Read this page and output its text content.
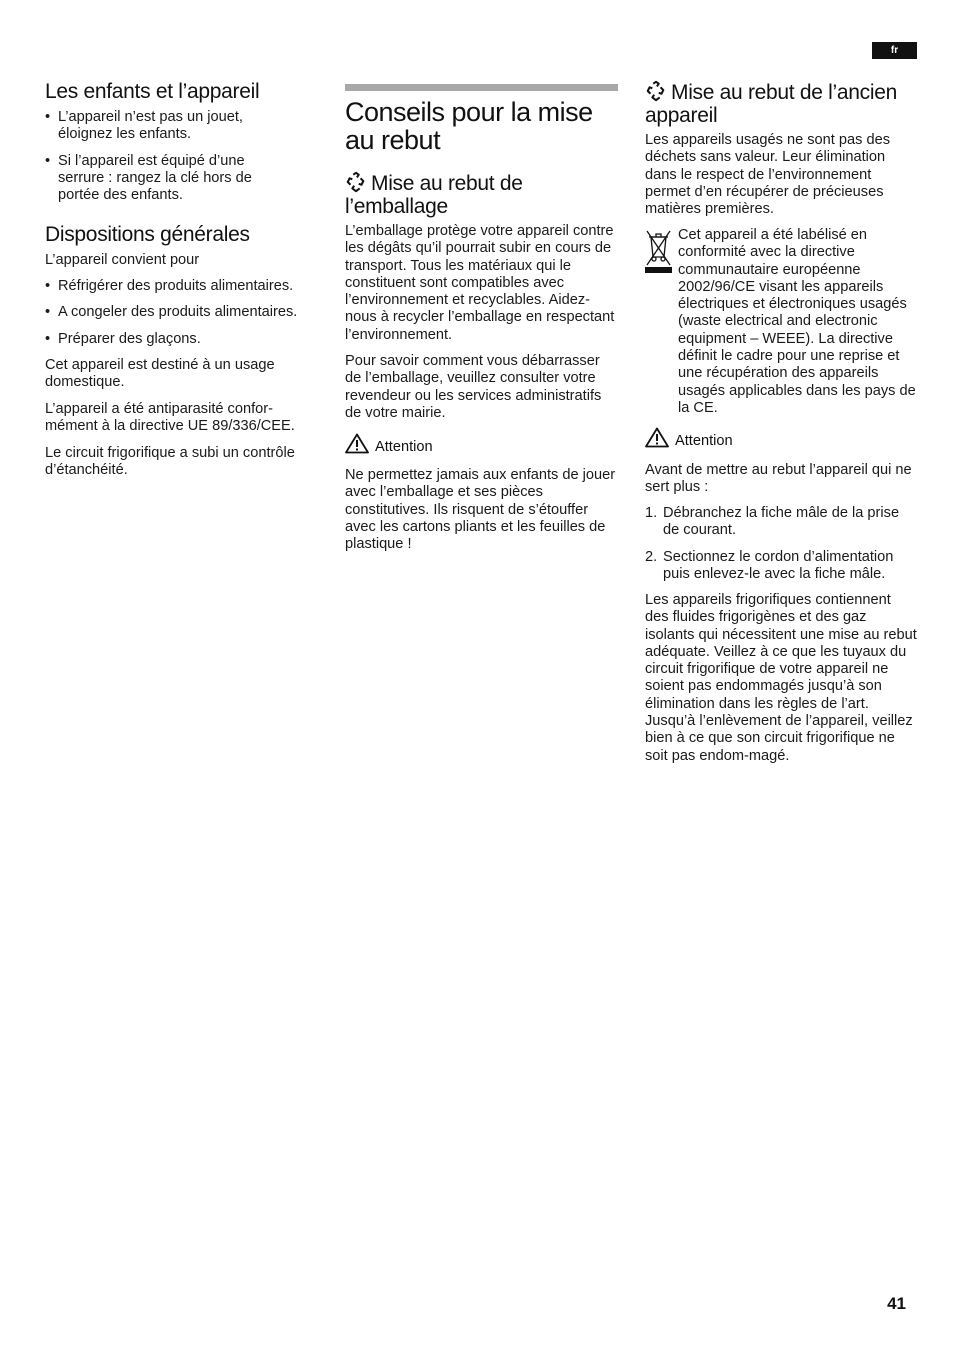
fr
Les enfants et l’appareil
• L’appareil n’est pas un jouet, éloignez les enfants.
• Si l’appareil est équipé d’une serrure : rangez la clé hors de portée des enfants.
Dispositions générales

L’appareil convient pour

• Réfrigérer des produits alimentaires.
• A congeler des produits alimentaires.
• Préparer des glaçons.

Cet appareil est destiné à un usage domestique.

L’appareil a été antiparasité confor-mément à la directive UE 89/336/CEE.

Le circuit frigorifique a subi un contrôle d’étanchéité.

Conseils pour la mise au rebut
Mise au rebut de l’emballage

L’emballage protège votre appareil contre les dégâts qu’il pourrait subir en cours de transport. Tous les matériaux qui le constituent sont compatibles avec l’environnement et recyclables. Aidez-nous à recycler l’emballage en respectant l’environnement.

Pour savoir comment vous débarrasser de l’emballage, veuillez consulter votre revendeur ou les services administratifs de votre mairie.

Attention

Ne permettez jamais aux enfants de jouer avec l’emballage et ses pièces constitutives. Ils risquent de s’étouffer avec les cartons pliants et les feuilles de plastique !

Mise au rebut de l’ancien appareil

Les appareils usagés ne sont pas des déchets sans valeur. Leur élimination dans le respect de l’environnement permet d’en récupérer de précieuses matières premières.

Cet appareil a été labélisé en conformité avec la directive communautaire européenne 2002/96/CE visant les appareils électriques et électroniques usagés (waste electrical and electronic equipment – WEEE). La directive définit le cadre pour une reprise et une récupération des appareils usagés applicables dans les pays de la CE.

Attention

Avant de mettre au rebut l’appareil qui ne sert plus :

1. Débranchez la fiche mâle de la prise de courant.
2. Sectionnez le cordon d’alimentation puis enlevez-le avec la fiche mâle.

Les appareils frigorifiques contiennent des fluides frigorigènes et des gaz isolants qui nécessitent une mise au rebut adéquate. Veillez à ce que les tuyaux du circuit frigorifique de votre appareil ne soient pas endommagés jusqu’à son élimination dans les règles de l’art. Jusqu’à l’enlèvement de l’appareil, veillez bien à ce que son circuit frigorifique ne soit pas endom-magé.

41
